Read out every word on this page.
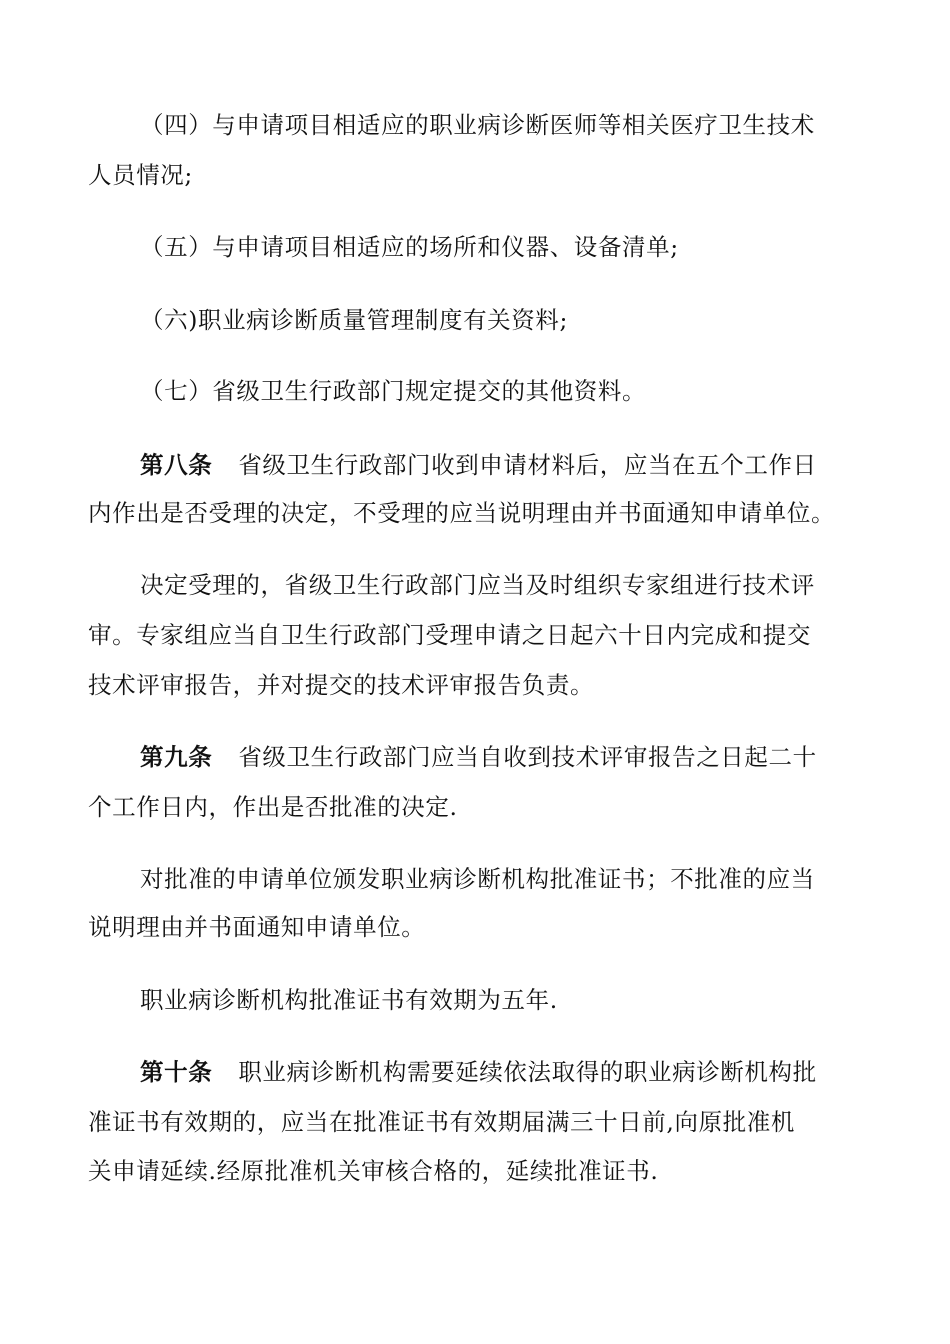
（四）与申请项目相适应的职业病诊断医师等相关医疗卫生技术
人员情况;
（五）与申请项目相适应的场所和仪器、设备清单;
（六)职业病诊断质量管理制度有关资料;
（七）省级卫生行政部门规定提交的其他资料。
第八条 省级卫生行政部门收到申请材料后，应当在五个工作日
内作出是否受理的决定，不受理的应当说明理由并书面通知申请单位。
决定受理的，省级卫生行政部门应当及时组织专家组进行技术评
审。专家组应当自卫生行政部门受理申请之日起六十日内完成和提交
技术评审报告，并对提交的技术评审报告负责。
第九条 省级卫生行政部门应当自收到技术评审报告之日起二十
个工作日内，作出是否批准的决定.
对批准的申请单位颁发职业病诊断机构批准证书；不批准的应当
说明理由并书面通知申请单位。
职业病诊断机构批准证书有效期为五年.
第十条 职业病诊断机构需要延续依法取得的职业病诊断机构批
准证书有效期的，应当在批准证书有效期届满三十日前,向原批准机
关申请延续.经原批准机关审核合格的，延续批准证书.
